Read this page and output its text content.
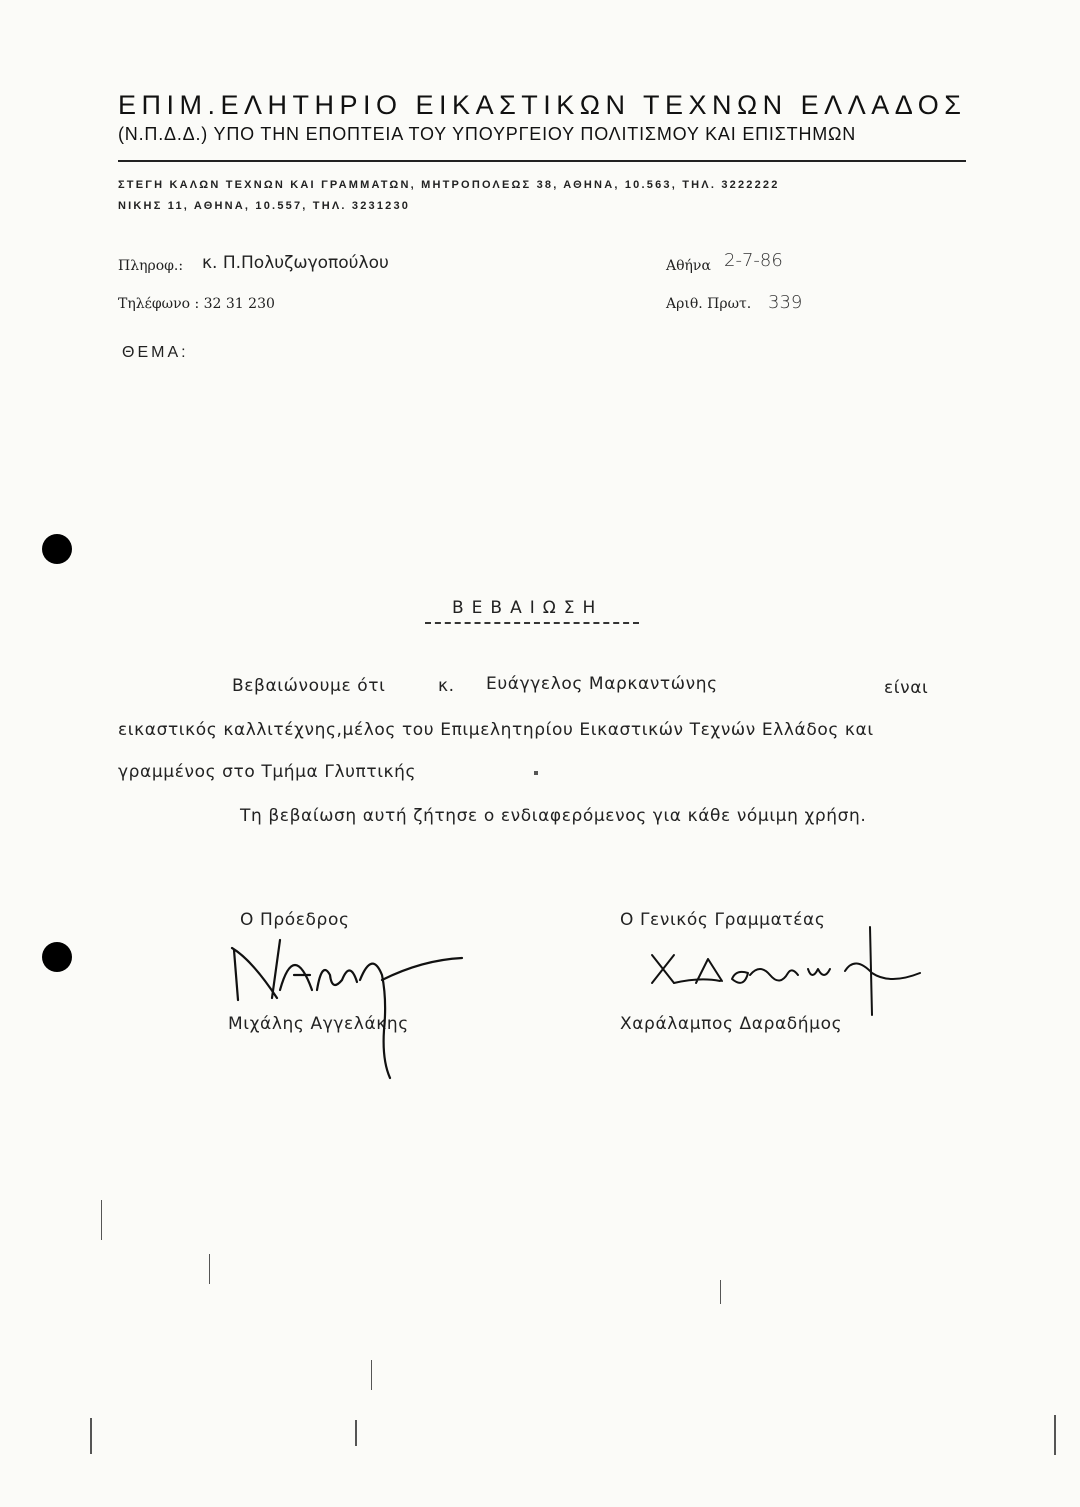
ΕΠΙΜ.ΕΛΗΤΗΡΙΟ ΕΙΚΑΣΤΙΚΩΝ ΤΕΧΝΩΝ ΕΛΛΑΔΟΣ
(Ν.Π.Δ.Δ.) ΥΠΟ ΤΗΝ ΕΠΟΠΤΕΙΑ ΤΟΥ ΥΠΟΥΡΓΕΙΟΥ ΠΟΛΙΤΙΣΜΟΥ ΚΑΙ ΕΠΙΣΤΗΜΩΝ
ΣΤΕΓΗ ΚΑΛΩΝ ΤΕΧΝΩΝ ΚΑΙ ΓΡΑΜΜΑΤΩΝ, ΜΗΤΡΟΠΟΛΕΩΣ 38, ΑΘΗΝΑ, 10.563, ΤΗΛ. 3222222
ΝΙΚΗΣ 11, ΑΘΗΝΑ, 10.557, ΤΗΛ. 3231230
Πληροφ.: κ. Π.Πολυζωγοπούλου
Τηλέφωνο : 32 31 230
Αθήνα 2-7-86
Αριθ. Πρωτ. 339
ΘΕΜΑ:
ΒΕΒΑΙΩΣΗ
Βεβαιώνουμε ότι	κ. Ευάγγελος Μαρκαντώνης	είναι
εικαστικός καλλιτέχνης,μέλος του Επιμελητηρίου Εικαστικών Τεχνών Ελλάδος και
γραμμένος στο Τμήμα Γλυπτικής
Τη βεβαίωση αυτή ζήτησε ο ενδιαφερόμενος για κάθε νόμιμη χρήση.
Ο Πρόεδρος
Μιχάλης Αγγελάκης
Ο Γενικός Γραμματέας
Χαράλαμπος Δαραδήμος
